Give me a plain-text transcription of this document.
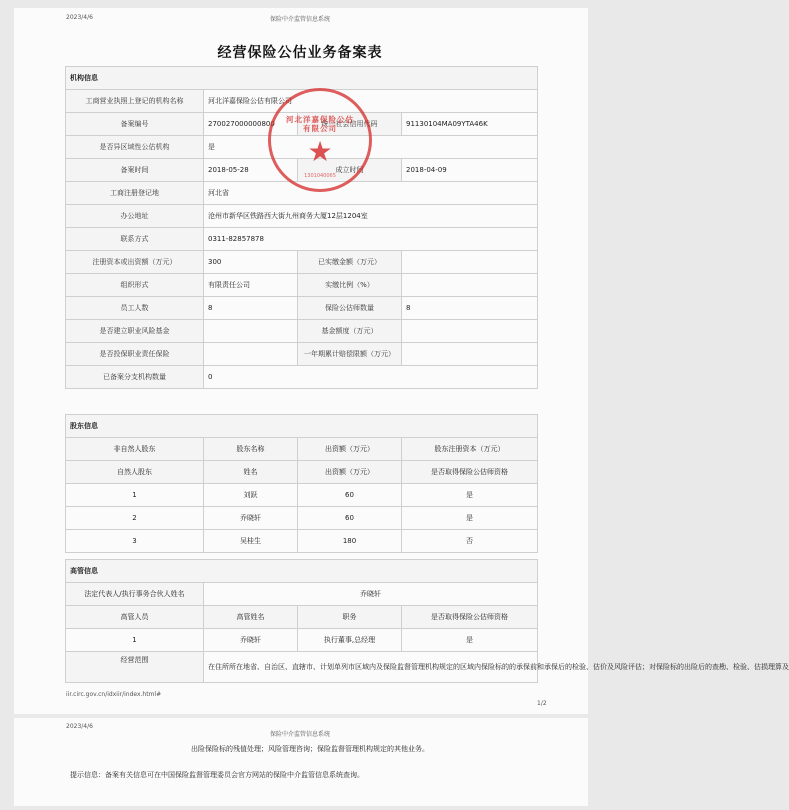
2023/4/6	保险中介监管信息系统
经营保险公估业务备案表
机构信息			
工商营业执照上登记的机构名称	河北洋嘉保险公估有限公司		
备案编号	270027000000800	统一社会信用代码	91130104MA09YTA46K
是否异区域性公估机构	是		
备案时间	2018-05-28	成立时间	2018-04-09
工商注册登记地	河北省		
办公地址	沧州市新华区铁路西大街九州商务大厦12层1204室		
联系方式	0311-82857878		
注册资本或出资额（万元）	300	已实缴金额（万元）	
组织形式	有限责任公司	实缴比例（%）	
员工人数	8	保险公估师数量	8
是否建立职业风险基金		基金额度（万元）	
是否投保职业责任保险		一年期累计赔偿限额（万元）	
已备案分支机构数量	0		
股东信息			
非自然人股东	股东名称	出资额（万元）	股东注册资本（万元）
自然人股东	姓名	出资额（万元）	是否取得保险公估师资格
1	刘跃	60	是
2	乔晓轩	60	是
3	吴桂生	180	否
高管信息			
法定代表人/执行事务合伙人姓名	乔晓轩		
高管人员	高管姓名	职务	是否取得保险公估师资格
1	乔晓轩	执行董事,总经理	是
经营范围	在住所所在地省、自治区、直辖市、计划单列市区域内及保险监督管理机构规定的区域内保险标的的承保前和承保后的检验、估价及风险评估；对保险标的出险后的查勘、检验、估损理算及		
iir.circ.gov.cn/idxiir/index.html#
1/2
河北洋嘉保险公估有限公司
★
1301040065
2023/4/6
保险中介监管信息系统
出险保险标的残值处理；风险管理咨询；保险监督管理机构规定的其他业务。
提示信息：备案有关信息可在中国保险监督管理委员会官方网站的保险中介监管信息系统查询。
